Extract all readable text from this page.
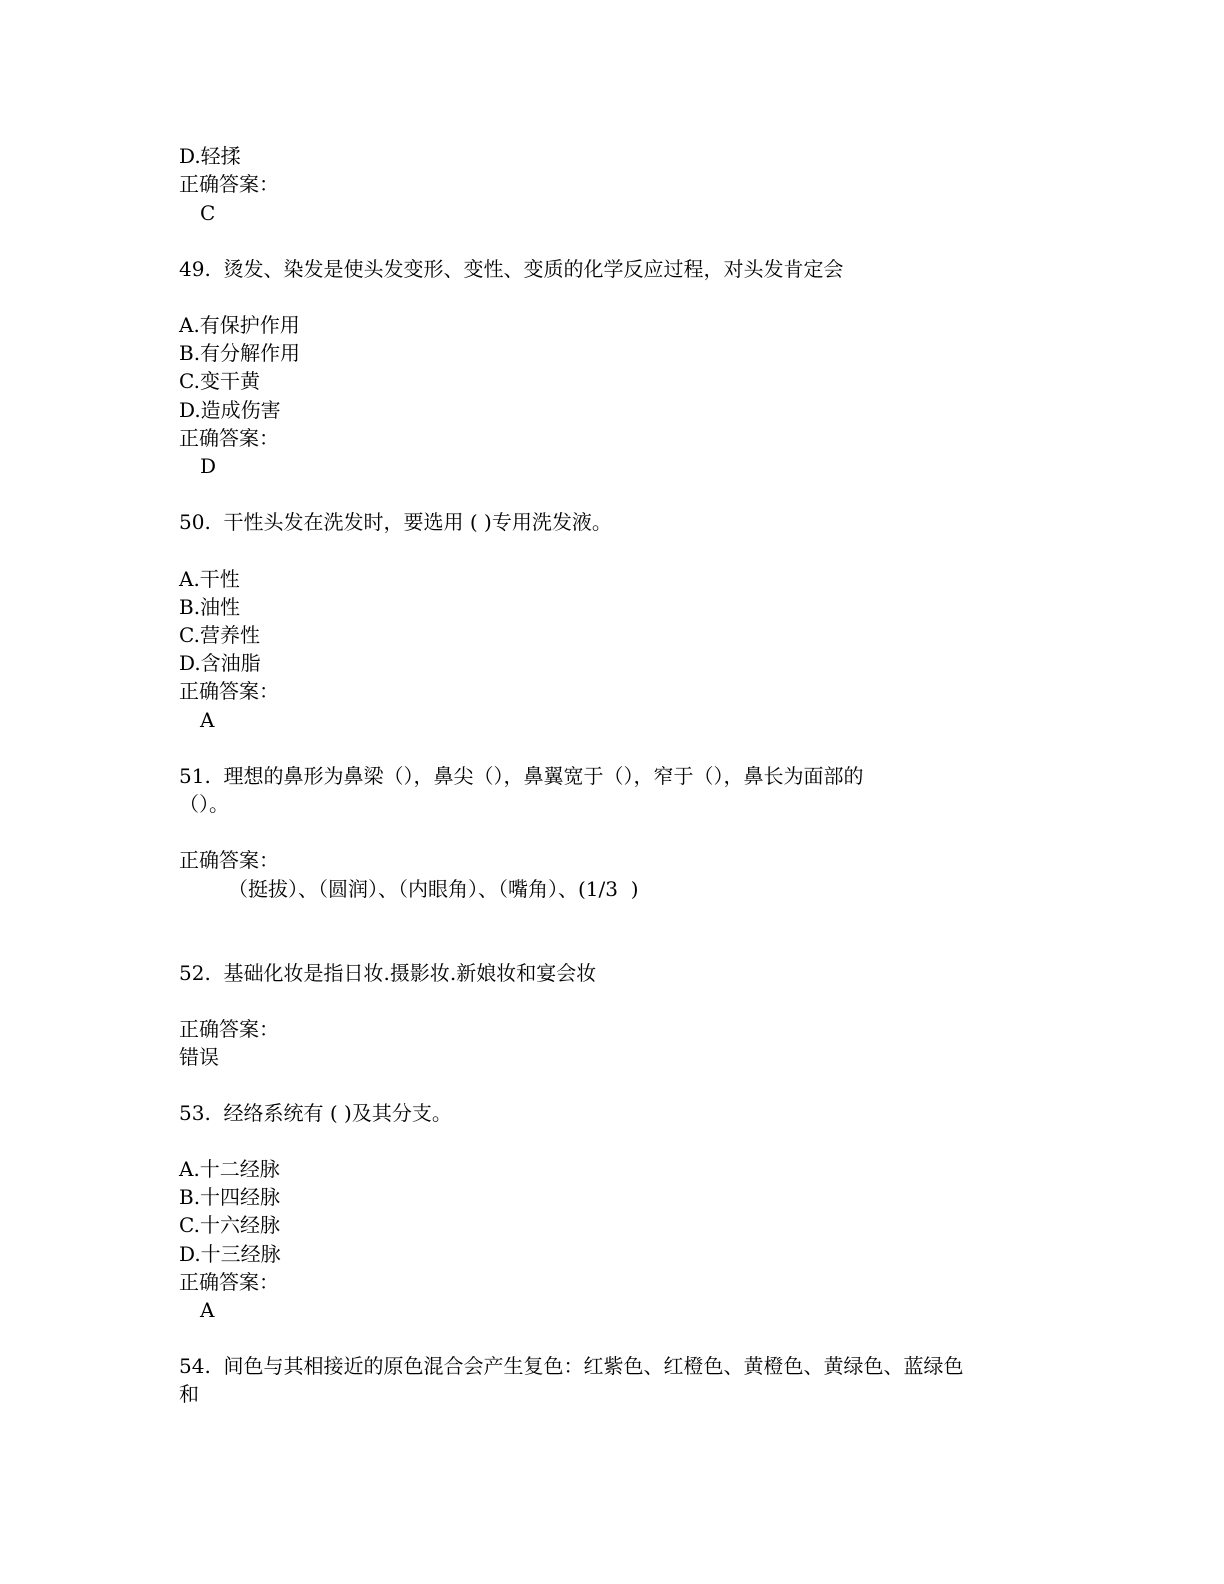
D.轻揉
正确答案：
C
49.  烫发、染发是使头发变形、变性、变质的化学反应过程，对头发肯定会
A.有保护作用
B.有分解作用
C.变干黄
D.造成伤害
正确答案：
D
50.  干性头发在洗发时，要选用 ( )专用洗发液。
A.干性
B.油性
C.营养性
D.含油脂
正确答案：
A
51.  理想的鼻形为鼻梁（），鼻尖（），鼻翼宽于（），窄于（），鼻长为面部的
（）。
正确答案：
（挺拔）、（圆润）、（内眼角）、（嘴角）、(1/3  )
52.  基础化妆是指日妆.摄影妆.新娘妆和宴会妆
正确答案：
错误
53.  经络系统有 ( )及其分支。
A.十二经脉
B.十四经脉
C.十六经脉
D.十三经脉
正确答案：
A
54.  间色与其相接近的原色混合会产生复色：红紫色、红橙色、黄橙色、黄绿色、蓝绿色
和
